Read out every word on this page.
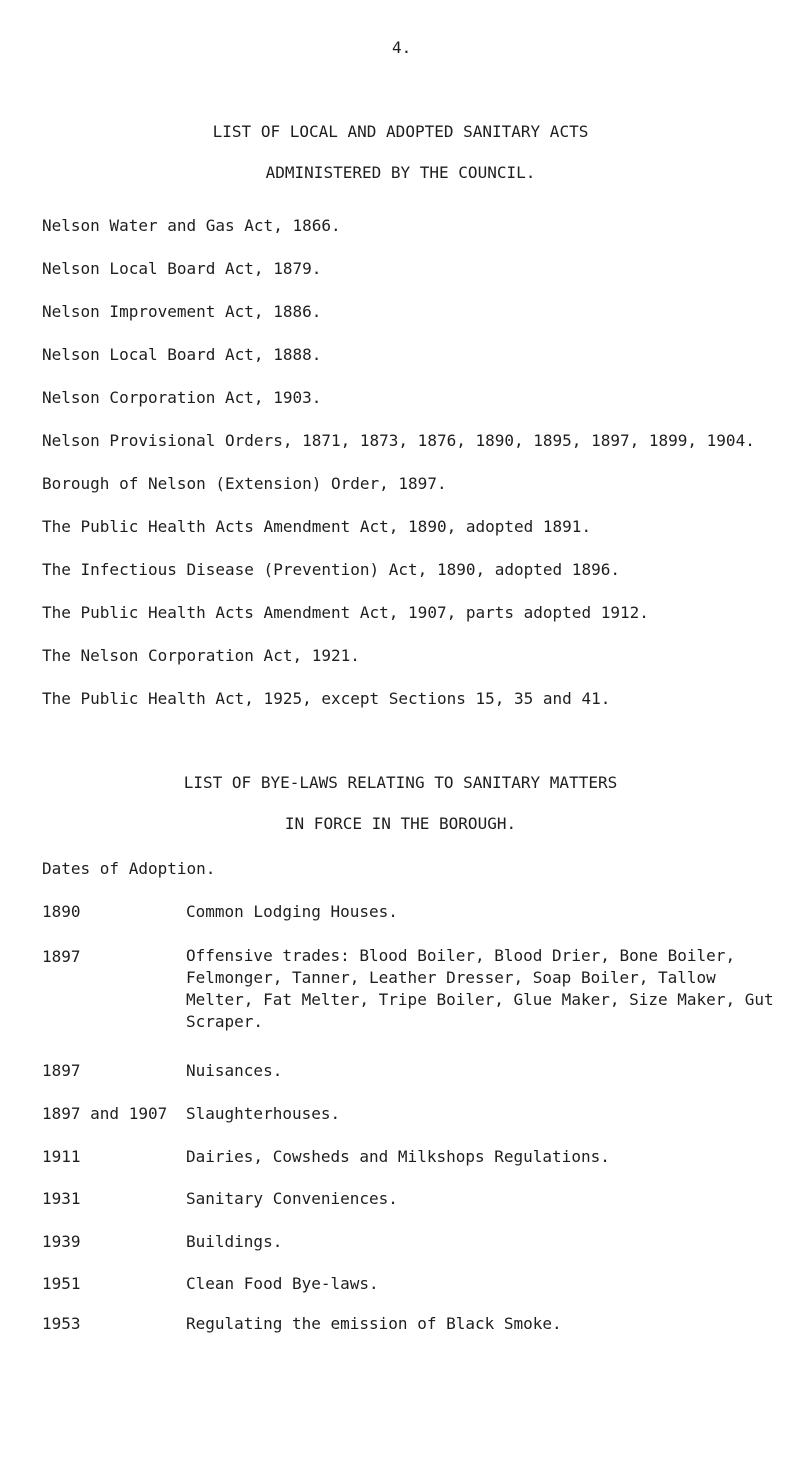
4.
LIST OF LOCAL AND ADOPTED SANITARY ACTS
ADMINISTERED BY THE COUNCIL.
Nelson Water and Gas Act, 1866.
Nelson Local Board Act, 1879.
Nelson Improvement Act, 1886.
Nelson Local Board Act, 1888.
Nelson Corporation Act, 1903.
Nelson Provisional Orders, 1871, 1873, 1876, 1890, 1895, 1897, 1899, 1904.
Borough of Nelson (Extension) Order, 1897.
The Public Health Acts Amendment Act, 1890, adopted 1891.
The Infectious Disease (Prevention) Act, 1890, adopted 1896.
The Public Health Acts Amendment Act, 1907, parts adopted 1912.
The Nelson Corporation Act, 1921.
The Public Health Act, 1925, except Sections 15, 35 and 41.
LIST OF BYE-LAWS RELATING TO SANITARY MATTERS
IN FORCE IN THE BOROUGH.
Dates of Adoption.
1890	Common Lodging Houses.
1897	Offensive trades: Blood Boiler, Blood Drier, Bone Boiler, Felmonger, Tanner, Leather Dresser, Soap Boiler, Tallow Melter, Fat Melter, Tripe Boiler, Glue Maker, Size Maker, Gut Scraper.
1897	Nuisances.
1897 and 1907 Slaughterhouses.
1911	Dairies, Cowsheds and Milkshops Regulations.
1931	Sanitary Conveniences.
1939	Buildings.
1951	Clean Food Bye-laws.
1953	Regulating the emission of Black Smoke.
